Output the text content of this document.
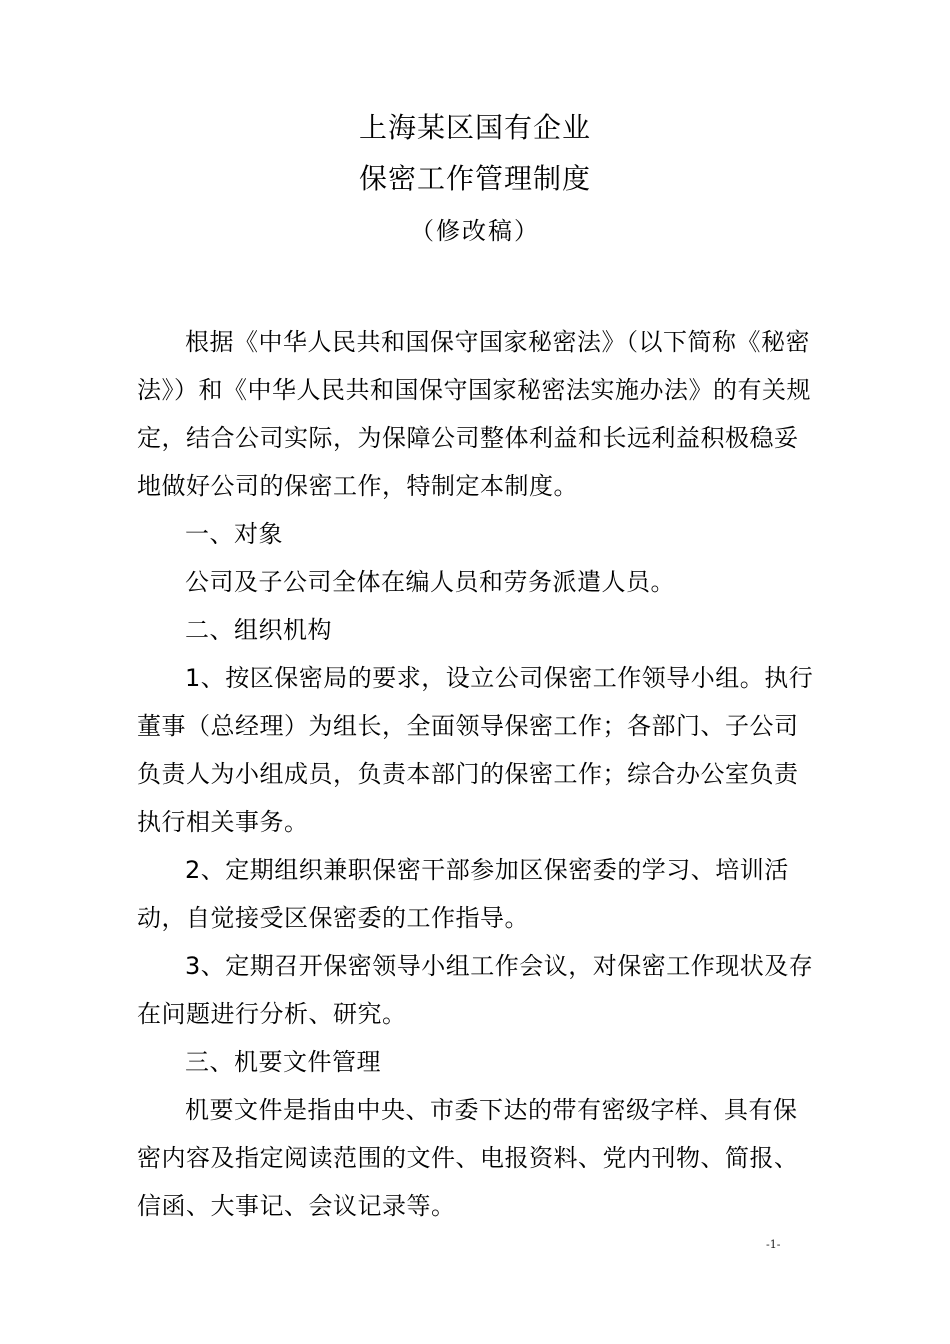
上海某区国有企业
保密工作管理制度
（修改稿）

根据《中华人民共和国保守国家秘密法》（以下简称《秘密法》）和《中华人民共和国保守国家秘密法实施办法》的有关规定，结合公司实际，为保障公司整体利益和长远利益积极稳妥地做好公司的保密工作，特制定本制度。

一、对象

公司及子公司全体在编人员和劳务派遣人员。

二、组织机构

1、按区保密局的要求，设立公司保密工作领导小组。执行董事（总经理）为组长，全面领导保密工作；各部门、子公司负责人为小组成员，负责本部门的保密工作；综合办公室负责执行相关事务。

2、定期组织兼职保密干部参加区保密委的学习、培训活动，自觉接受区保密委的工作指导。

3、定期召开保密领导小组工作会议，对保密工作现状及存在问题进行分析、研究。

三、机要文件管理

机要文件是指由中央、市委下达的带有密级字样、具有保密内容及指定阅读范围的文件、电报资料、党内刊物、简报、信函、大事记、会议记录等。

-1-
